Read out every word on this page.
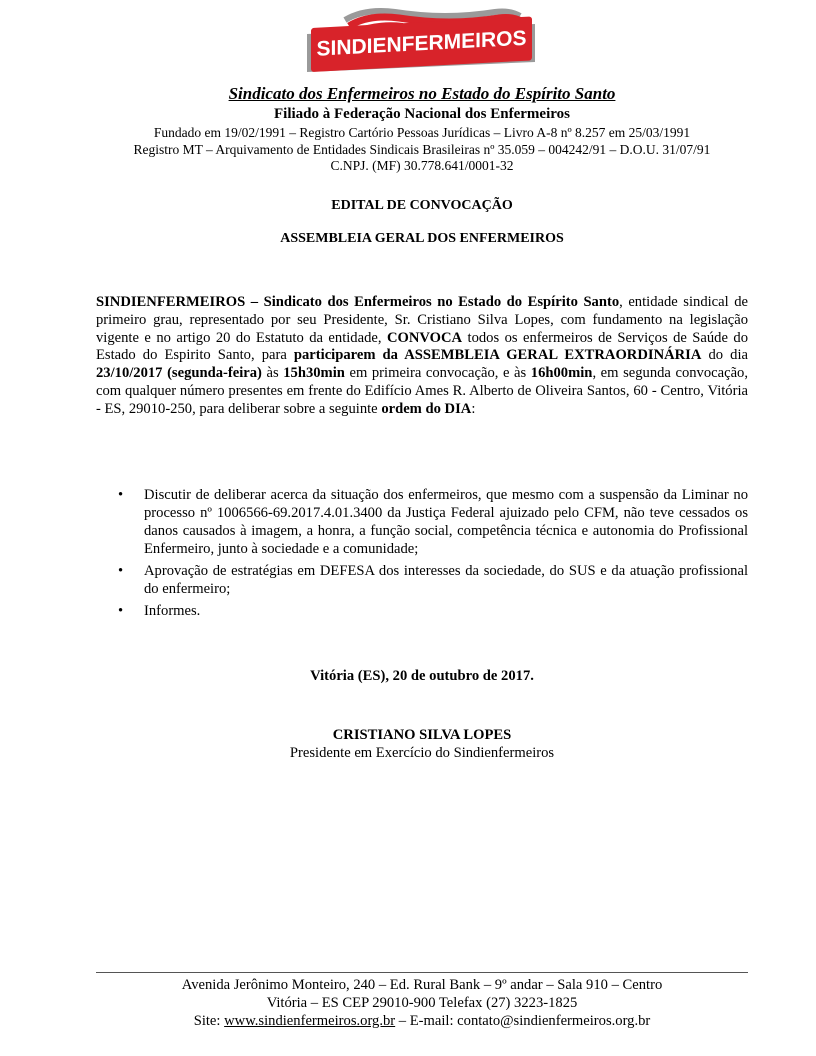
SINDIENFERMEIROS
Sindicato dos Enfermeiros no Estado do Espírito Santo
Filiado à Federação Nacional dos Enfermeiros
Fundado em 19/02/1991 – Registro Cartório Pessoas Jurídicas – Livro A-8 nº 8.257 em 25/03/1991
Registro MT – Arquivamento de Entidades Sindicais Brasileiras nº 35.059 – 004242/91 – D.O.U. 31/07/91
C.NPJ. (MF) 30.778.641/0001-32
EDITAL DE CONVOCAÇÃO
ASSEMBLEIA GERAL DOS ENFERMEIROS
SINDIENFERMEIROS – Sindicato dos Enfermeiros no Estado do Espírito Santo, entidade sindical de primeiro grau, representado por seu Presidente, Sr. Cristiano Silva Lopes, com fundamento na legislação vigente e no artigo 20 do Estatuto da entidade, CONVOCA todos os enfermeiros de Serviços de Saúde do Estado do Espirito Santo, para participarem da ASSEMBLEIA GERAL EXTRAORDINÁRIA do dia 23/10/2017 (segunda-feira) às 15h30min em primeira convocação, e às 16h00min, em segunda convocação, com qualquer número presentes em frente do Edifício Ames R. Alberto de Oliveira Santos, 60 - Centro, Vitória - ES, 29010-250, para deliberar sobre a seguinte ordem do DIA:
• Discutir de deliberar acerca da situação dos enfermeiros, que mesmo com a suspensão da Liminar no processo nº 1006566-69.2017.4.01.3400 da Justiça Federal ajuizado pelo CFM, não teve cessados os danos causados à imagem, a honra, a função social, competência técnica e autonomia do Profissional Enfermeiro, junto à sociedade e a comunidade;
• Aprovação de estratégias em DEFESA dos interesses da sociedade, do SUS e da atuação profissional do enfermeiro;
• Informes.
Vitória (ES), 20 de outubro de 2017.
CRISTIANO SILVA LOPES
Presidente em Exercício do Sindienfermeiros
Avenida Jerônimo Monteiro, 240 – Ed. Rural Bank – 9º andar – Sala 910 – Centro
Vitória – ES CEP 29010-900 Telefax (27) 3223-1825
Site: www.sindienfermeiros.org.br – E-mail: contato@sindienfermeiros.org.br
